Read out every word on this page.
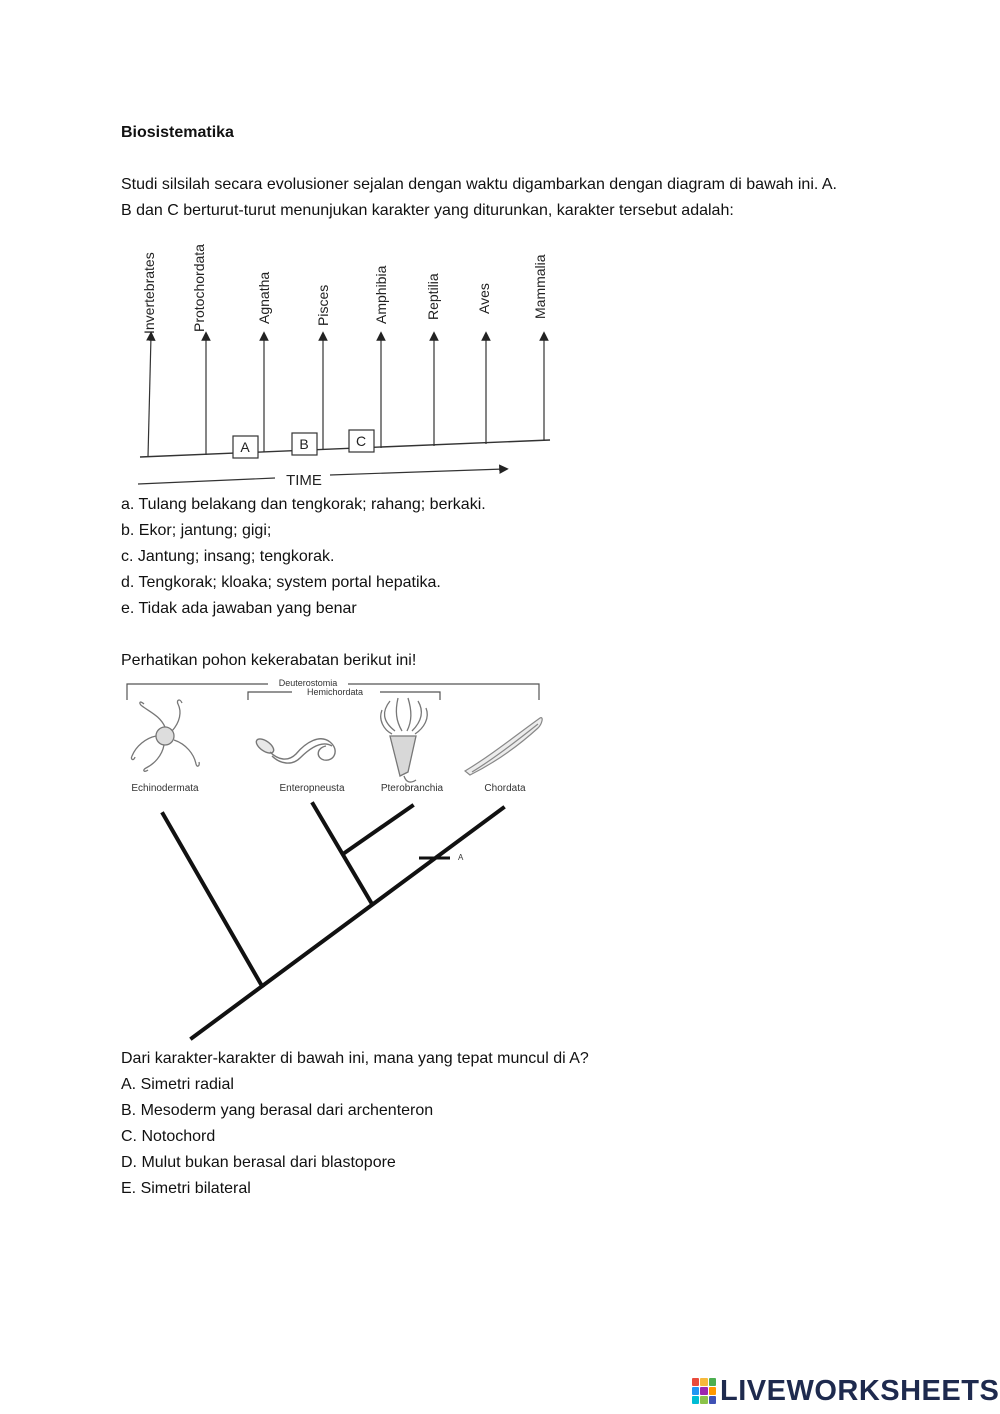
Biosistematika
Studi silsilah secara evolusioner sejalan dengan waktu digambarkan dengan diagram di bawah ini. A.
B dan C berturut-turut menunjukan karakter yang diturunkan, karakter tersebut adalah:
Invertebrates Protochordata	Agnatha	Pisces	Amphibia	Reptilia	Aves	Mammalia
A	B	C
TIME
a. Tulang belakang dan tengkorak; rahang; berkaki.
b. Ekor; jantung; gigi;
c. Jantung; insang; tengkorak.
d. Tengkorak; kloaka; system portal hepatika.
e. Tidak ada jawaban yang benar
Perhatikan pohon kekerabatan berikut ini!
Deuterostomia
Hemichordata
Echinodermata	Enteropneusta	Pterobranchia	Chordata
A
Dari karakter-karakter di bawah ini, mana yang tepat muncul di A?
A. Simetri radial
B. Mesoderm yang berasal dari archenteron
C. Notochord
D. Mulut bukan berasal dari blastopore
E. Simetri bilateral
LIVEWORKSHEETS
